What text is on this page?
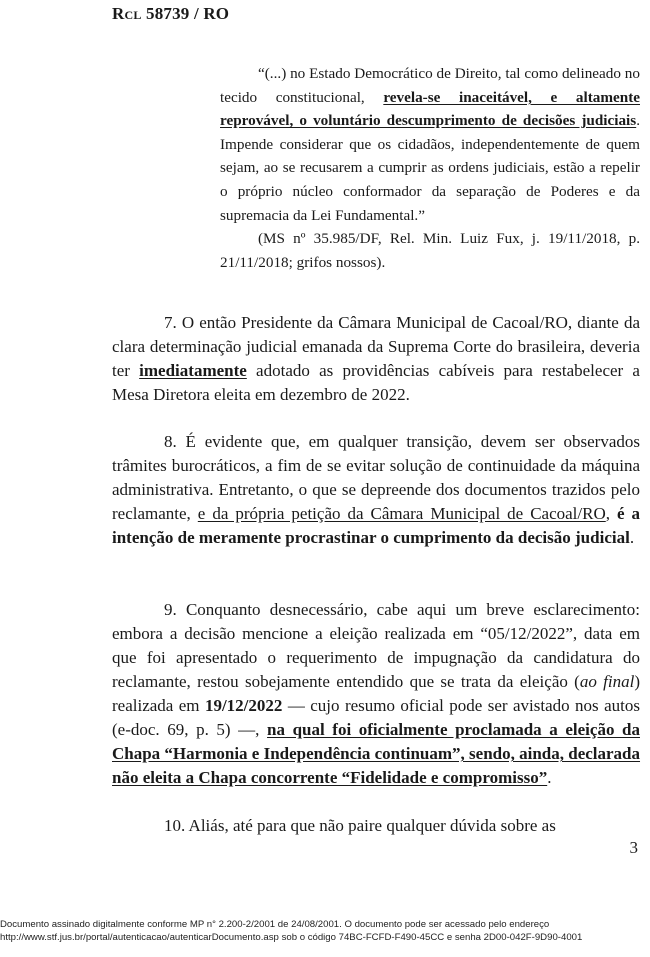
Rcl 58739 / RO

“(...) no Estado Democrático de Direito, tal como delineado no tecido constitucional, revela-se inaceitável, e altamente reprovável, o voluntário descumprimento de decisões judiciais. Impende considerar que os cidadãos, independentemente de quem sejam, ao se recusarem a cumprir as ordens judiciais, estão a repelir o próprio núcleo conformador da separação de Poderes e da supremacia da Lei Fundamental.”

(MS nº 35.985/DF, Rel. Min. Luiz Fux, j. 19/11/2018, p. 21/11/2018; grifos nossos).

7. O então Presidente da Câmara Municipal de Cacoal/RO, diante da clara determinação judicial emanada da Suprema Corte do brasileira, deveria ter imediatamente adotado as providências cabíveis para restabelecer a Mesa Diretora eleita em dezembro de 2022.

8. É evidente que, em qualquer transição, devem ser observados trâmites burocráticos, a fim de se evitar solução de continuidade da máquina administrativa. Entretanto, o que se depreende dos documentos trazidos pelo reclamante, e da própria petição da Câmara Municipal de Cacoal/RO, é a intenção de meramente procrastinar o cumprimento da decisão judicial.

9. Conquanto desnecessário, cabe aqui um breve esclarecimento: embora a decisão mencione a eleição realizada em “05/12/2022”, data em que foi apresentado o requerimento de impugnação da candidatura do reclamante, restou sobejamente entendido que se trata da eleição (ao final) realizada em 19/12/2022 — cujo resumo oficial pode ser avistado nos autos (e-doc. 69, p. 5) —, na qual foi oficialmente proclamada a eleição da Chapa “Harmonia e Independência continuam”, sendo, ainda, declarada não eleita a Chapa concorrente “Fidelidade e compromisso”.

10. Aliás, até para que não paire qualquer dúvida sobre as

3
Documento assinado digitalmente conforme MP n° 2.200-2/2001 de 24/08/2001. O documento pode ser acessado pelo endereço
http://www.stf.jus.br/portal/autenticacao/autenticarDocumento.asp sob o código 74BC-FCFD-F490-45CC e senha 2D00-042F-9D90-4001
